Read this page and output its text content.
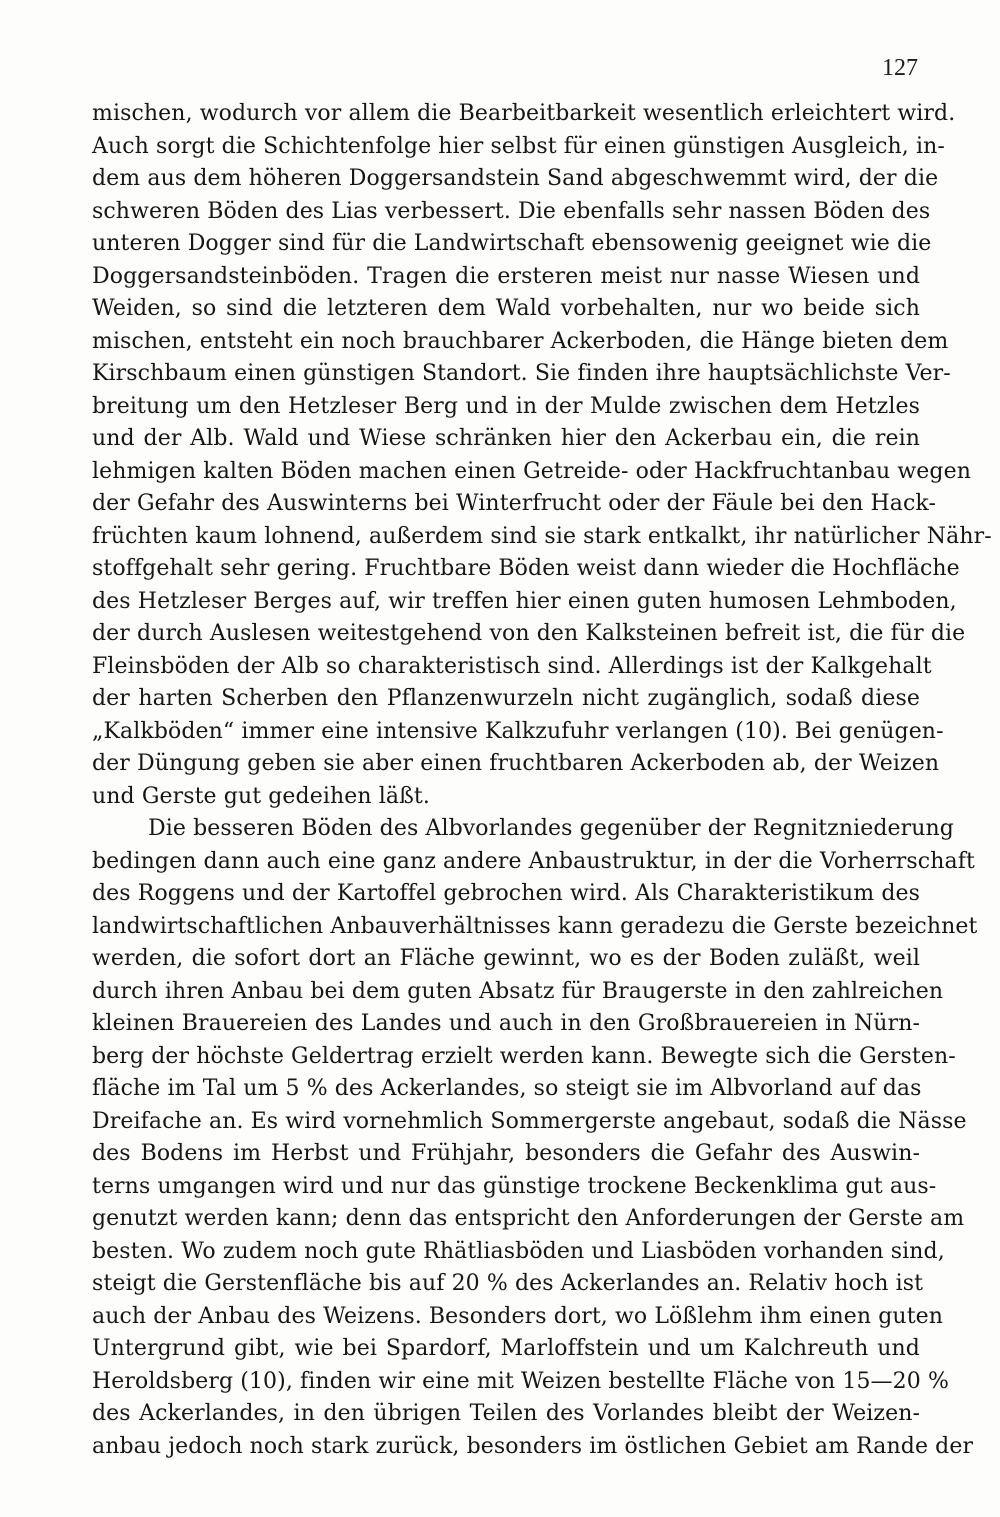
127
mischen, wodurch vor allem die Bearbeitbarkeit wesentlich erleichtert wird.
Auch sorgt die Schichtenfolge hier selbst für einen günstigen Ausgleich, in-
dem aus dem höheren Doggersandstein Sand abgeschwemmt wird, der die
schweren Böden des Lias verbessert. Die ebenfalls sehr nassen Böden des
unteren Dogger sind für die Landwirtschaft ebensowenig geeignet wie die
Doggersandsteinböden. Tragen die ersteren meist nur nasse Wiesen und
Weiden, so sind die letzteren dem Wald vorbehalten, nur wo beide sich
mischen, entsteht ein noch brauchbarer Ackerboden, die Hänge bieten dem
Kirschbaum einen günstigen Standort. Sie finden ihre hauptsächlichste Ver-
breitung um den Hetzleser Berg und in der Mulde zwischen dem Hetzles
und der Alb. Wald und Wiese schränken hier den Ackerbau ein, die rein
lehmigen kalten Böden machen einen Getreide- oder Hackfruchtanbau wegen
der Gefahr des Auswinterns bei Winterfrucht oder der Fäule bei den Hack-
früchten kaum lohnend, außerdem sind sie stark entkalkt, ihr natürlicher Nähr-
stoffgehalt sehr gering. Fruchtbare Böden weist dann wieder die Hochfläche
des Hetzleser Berges auf, wir treffen hier einen guten humosen Lehmboden,
der durch Auslesen weitestgehend von den Kalksteinen befreit ist, die für die
Fleinsböden der Alb so charakteristisch sind. Allerdings ist der Kalkgehalt
der harten Scherben den Pflanzenwurzeln nicht zugänglich, sodaß diese
„Kalkböden“ immer eine intensive Kalkzufuhr verlangen (10). Bei genügen-
der Düngung geben sie aber einen fruchtbaren Ackerboden ab, der Weizen
und Gerste gut gedeihen läßt.
Die besseren Böden des Albvorlandes gegenüber der Regnitzniederung
bedingen dann auch eine ganz andere Anbaustruktur, in der die Vorherrschaft
des Roggens und der Kartoffel gebrochen wird. Als Charakteristikum des
landwirtschaftlichen Anbauverhältnisses kann geradezu die Gerste bezeichnet
werden, die sofort dort an Fläche gewinnt, wo es der Boden zuläßt, weil
durch ihren Anbau bei dem guten Absatz für Braugerste in den zahlreichen
kleinen Brauereien des Landes und auch in den Großbrauereien in Nürn-
berg der höchste Geldertrag erzielt werden kann. Bewegte sich die Gersten-
fläche im Tal um 5 % des Ackerlandes, so steigt sie im Albvorland auf das
Dreifache an. Es wird vornehmlich Sommergerste angebaut, sodaß die Nässe
des Bodens im Herbst und Frühjahr, besonders die Gefahr des Auswin-
terns umgangen wird und nur das günstige trockene Beckenklima gut aus-
genutzt werden kann; denn das entspricht den Anforderungen der Gerste am
besten. Wo zudem noch gute Rhätliasböden und Liasböden vorhanden sind,
steigt die Gerstenfläche bis auf 20 % des Ackerlandes an. Relativ hoch ist
auch der Anbau des Weizens. Besonders dort, wo Lößlehm ihm einen guten
Untergrund gibt, wie bei Spardorf, Marloffstein und um Kalchreuth und
Heroldsberg (10), finden wir eine mit Weizen bestellte Fläche von 15—20 %
des Ackerlandes, in den übrigen Teilen des Vorlandes bleibt der Weizen-
anbau jedoch noch stark zurück, besonders im östlichen Gebiet am Rande der
